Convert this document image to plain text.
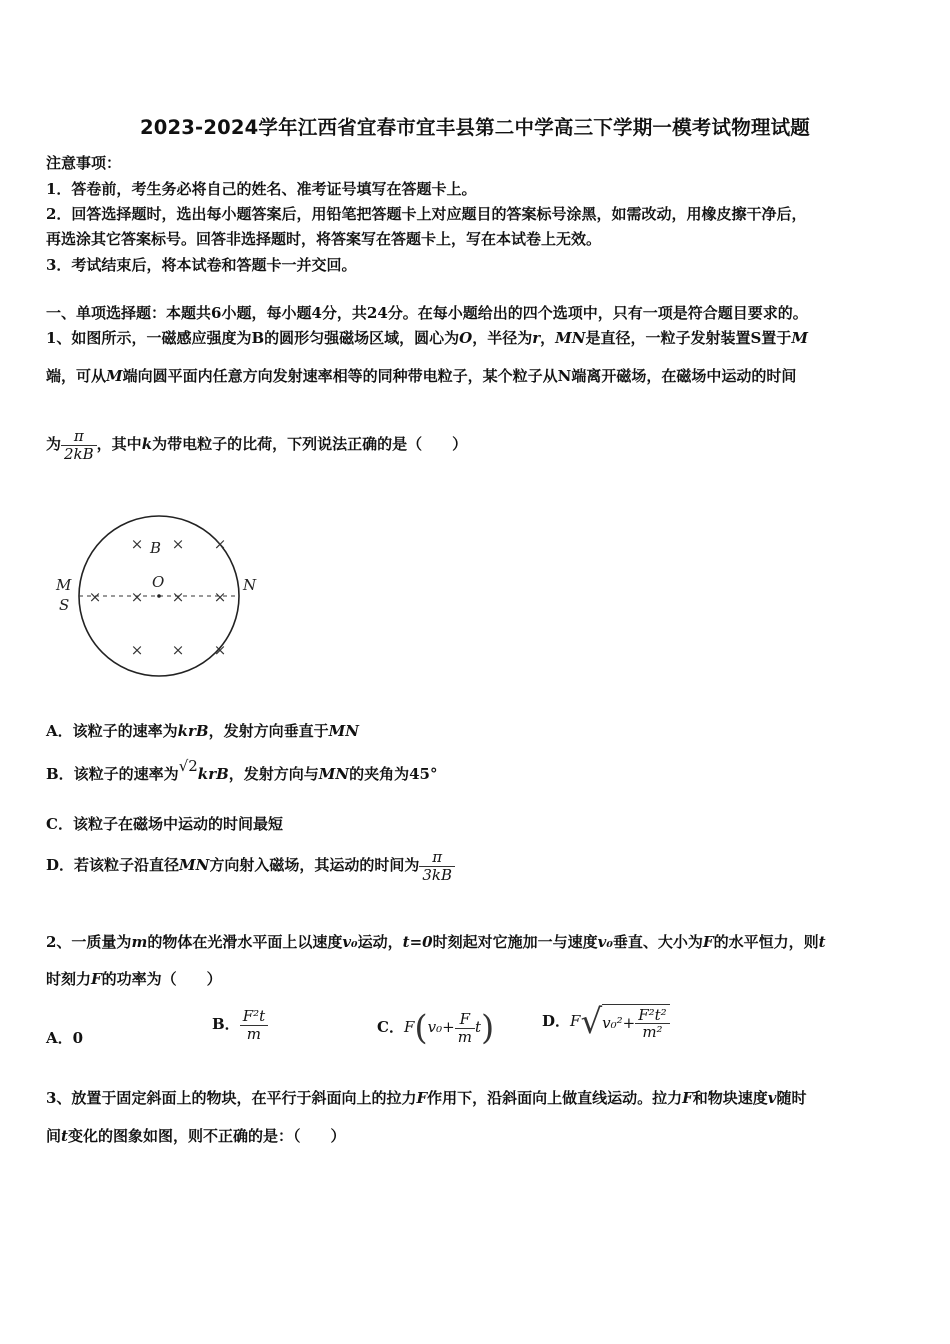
2023-2024学年江西省宜春市宜丰县第二中学高三下学期一模考试物理试题
注意事项：
1．答卷前，考生务必将自己的姓名、准考证号填写在答题卡上。
2．回答选择题时，选出每小题答案后，用铅笔把答题卡上对应题目的答案标号涂黑，如需改动，用橡皮擦干净后，
再选涂其它答案标号。回答非选择题时，将答案写在答题卡上，写在本试卷上无效。
3．考试结束后，将本试卷和答题卡一并交回。
一、单项选择题：本题共6小题，每小题4分，共24分。在每小题给出的四个选项中，只有一项是符合题目要求的。
1、如图所示，一磁感应强度为B的圆形匀强磁场区域，圆心为O，半径为r，MN是直径，一粒子发射装置S置于M
端，可从M端向圆平面内任意方向发射速率相等的同种带电粒子，某个粒子从N端离开磁场，在磁场中运动的时间
为 $\frac{\pi}{2kB}$ ，其中k为带电粒子的比荷，下列说法正确的是（　　）
× ×
× × × ×
× × ×
×
B
O
M
S
N
A．该粒子的速率为krB，发射方向垂直于MN
B．该粒子的速率为√2krB，发射方向与MN的夹角为45°
C．该粒子在磁场中运动的时间最短
D．若该粒子沿直径MN方向射入磁场，其运动的时间为 $\frac{\pi}{3kB}$
2、一质量为m的物体在光滑水平面上以速度v₀运动，t=0时刻起对它施加一与速度v₀垂直、大小为F的水平恒力，则t
时刻力F的功率为（　　）
A．0
B． $\frac{\text{F²t}}{m}$	C．$F(v_0+ \frac{F}{m} t)$	D．$F√v_0^2+ \frac{\text{F²t²}}{\text{m²}}$
3、放置于固定斜面上的物块，在平行于斜面向上的拉力F作用下，沿斜面向上做直线运动。拉力F和物块速度v随时
间t变化的图象如图，则不正确的是：（　　）
